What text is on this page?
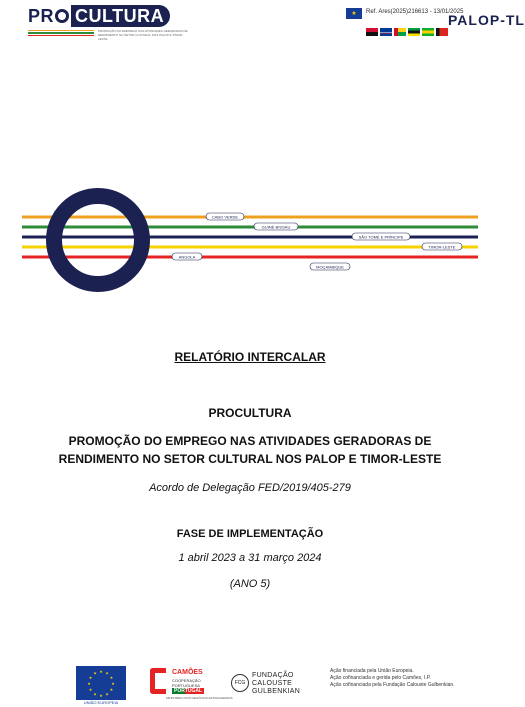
PR CULTURA
PROMOÇÃO DO EMPREGO NAS ATIVIDADES GERADORAS DE RENDIMENTO NO SETOR CULTURAL NOS PALOP E TIMOR-LESTE
★	Ref. Ares(2025)216613 - 13/01/2025
PALOP-TL
CABO VERDE
GUINÉ-BISSAU
SÃO TOMÉ E PRÍNCIPE
TIMOR-LESTE
ANGOLA
MOÇAMBIQUE
RELATÓRIO INTERCALAR
PROCULTURA
PROMOÇÃO DO EMPREGO NAS ATIVIDADES GERADORAS DE
RENDIMENTO NO SETOR CULTURAL NOS PALOP E TIMOR-LESTE
Acordo de Delegação FED/2019/405-279
FASE DE IMPLEMENTAÇÃO
1 abril 2023 a 31 março 2024
(ANO 5)
★ ★
★
★
★
★
★
★
★
★
★
★
UNIÃO EUROPEIA
CAMÕES
COOPERAÇÃO
PORTUGUESA
PORTUGAL
MINISTÉRIO DOS NEGÓCIOS ESTRANGEIROS
FCG
FUNDAÇÃO
CALOUSTE
GULBENKIAN
Ação financiada pela União Europeia.
Ação cofinanciada e gerida pelo Camões, I.P.
Ação cofinanciada pela Fundação Calouste Gulbenkian.
